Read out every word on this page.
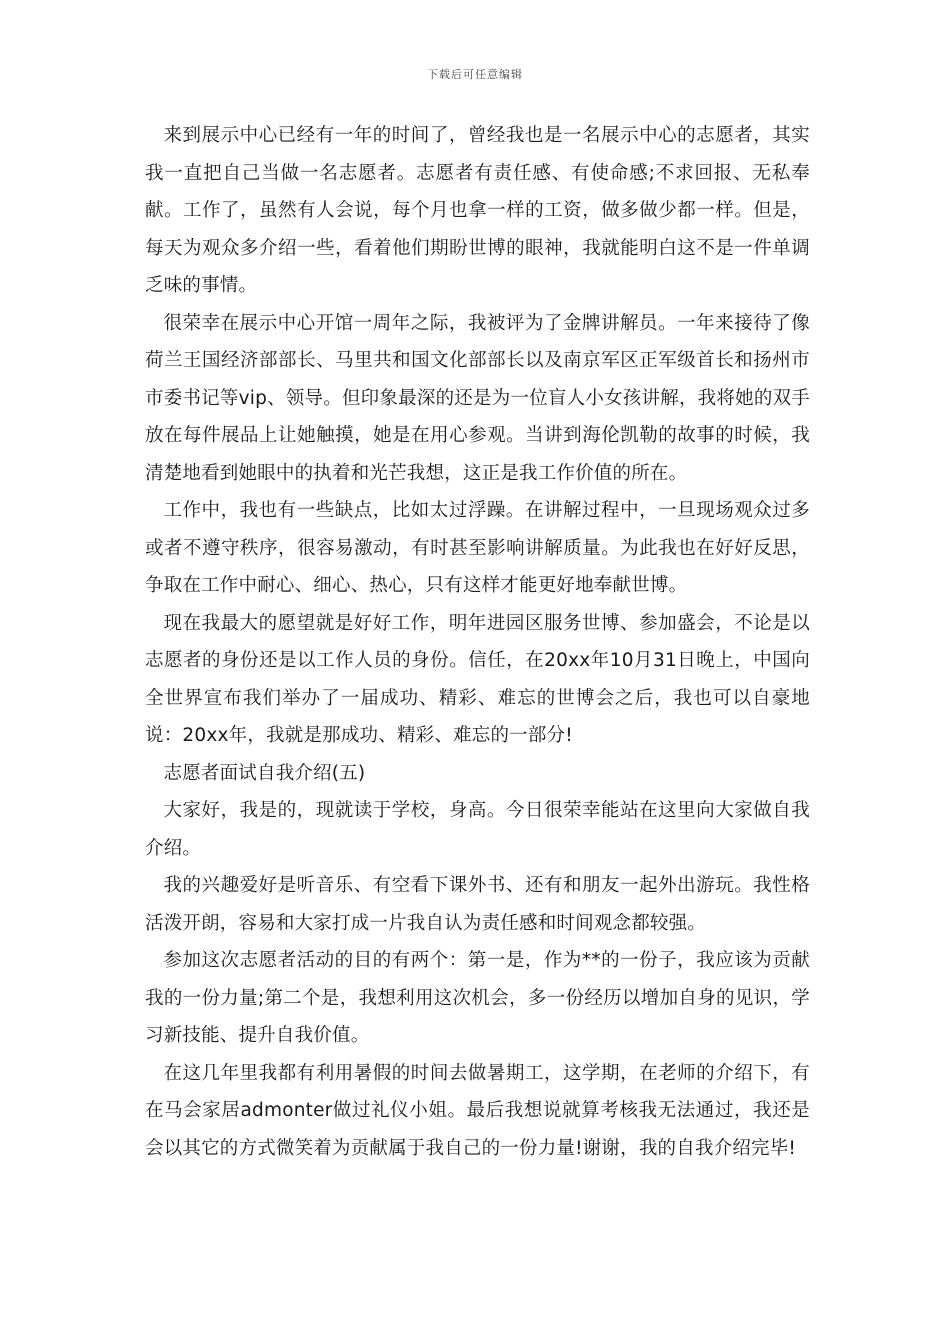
下载后可任意编辑

来到展示中心已经有一年的时间了，曾经我也是一名展示中心的志愿者，其实我一直把自己当做一名志愿者。志愿者有责任感、有使命感;不求回报、无私奉献。工作了，虽然有人会说，每个月也拿一样的工资，做多做少都一样。但是，每天为观众多介绍一些，看着他们期盼世博的眼神，我就能明白这不是一件单调乏味的事情。

很荣幸在展示中心开馆一周年之际，我被评为了金牌讲解员。一年来接待了像荷兰王国经济部部长、马里共和国文化部部长以及南京军区正军级首长和扬州市市委书记等vip、领导。但印象最深的还是为一位盲人小女孩讲解，我将她的双手放在每件展品上让她触摸，她是在用心参观。当讲到海伦凯勒的故事的时候，我清楚地看到她眼中的执着和光芒我想，这正是我工作价值的所在。

工作中，我也有一些缺点，比如太过浮躁。在讲解过程中，一旦现场观众过多或者不遵守秩序，很容易激动，有时甚至影响讲解质量。为此我也在好好反思，争取在工作中耐心、细心、热心，只有这样才能更好地奉献世博。

现在我最大的愿望就是好好工作，明年进园区服务世博、参加盛会，不论是以志愿者的身份还是以工作人员的身份。信任，在20xx年10月31日晚上，中国向全世界宣布我们举办了一届成功、精彩、难忘的世博会之后，我也可以自豪地说：20xx年，我就是那成功、精彩、难忘的一部分!

志愿者面试自我介绍(五)

大家好，我是的，现就读于学校，身高。今日很荣幸能站在这里向大家做自我介绍。

我的兴趣爱好是听音乐、有空看下课外书、还有和朋友一起外出游玩。我性格活泼开朗，容易和大家打成一片我自认为责任感和时间观念都较强。

参加这次志愿者活动的目的有两个：第一是，作为**的一份子，我应该为贡献我的一份力量;第二个是，我想利用这次机会，多一份经历以增加自身的见识，学习新技能、提升自我价值。

在这几年里我都有利用暑假的时间去做暑期工，这学期，在老师的介绍下，有在马会家居admonter做过礼仪小姐。最后我想说就算考核我无法通过，我还是会以其它的方式微笑着为贡献属于我自己的一份力量!谢谢，我的自我介绍完毕!
